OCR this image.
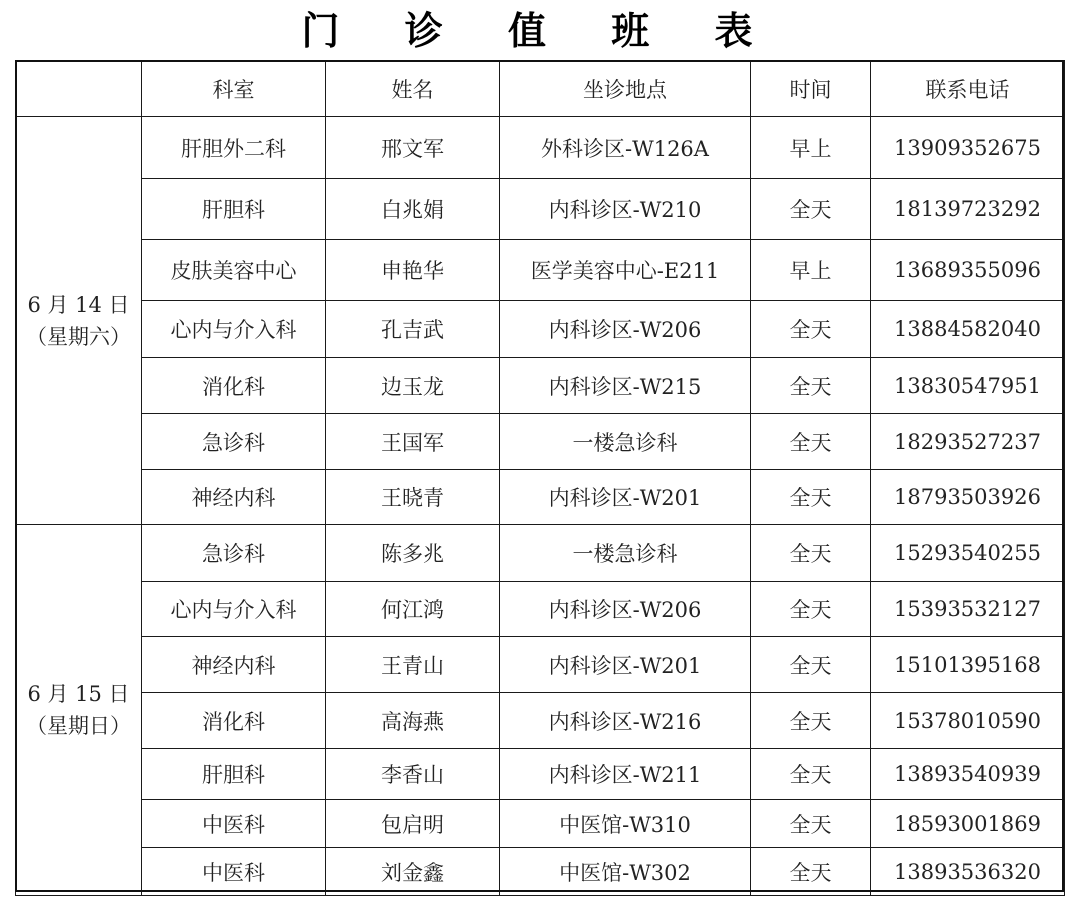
门 诊 值 班 表
	科室	姓名	坐诊地点	时间	联系电话

6 月 14 日
（星期六）	肝胆外二科	邢文军	外科诊区-W126A	早上	13909352675
	肝胆科	白兆娟	内科诊区-W210	全天	18139723292
	皮肤美容中心	申艳华	医学美容中心-E211	早上	13689355096
	心内与介入科	孔吉武	内科诊区-W206	全天	13884582040
	消化科	边玉龙	内科诊区-W215	全天	13830547951
	急诊科	王国军	一楼急诊科	全天	18293527237
	神经内科	王晓青	内科诊区-W201	全天	18793503926

6 月 15 日
（星期日）	急诊科	陈多兆	一楼急诊科	全天	15293540255
	心内与介入科	何江鸿	内科诊区-W206	全天	15393532127
	神经内科	王青山	内科诊区-W201	全天	15101395168
	消化科	高海燕	内科诊区-W216	全天	15378010590
	肝胆科	李香山	内科诊区-W211	全天	13893540939
	中医科	包启明	中医馆-W310	全天	18593001869
	中医科	刘金鑫	中医馆-W302	全天	13893536320
